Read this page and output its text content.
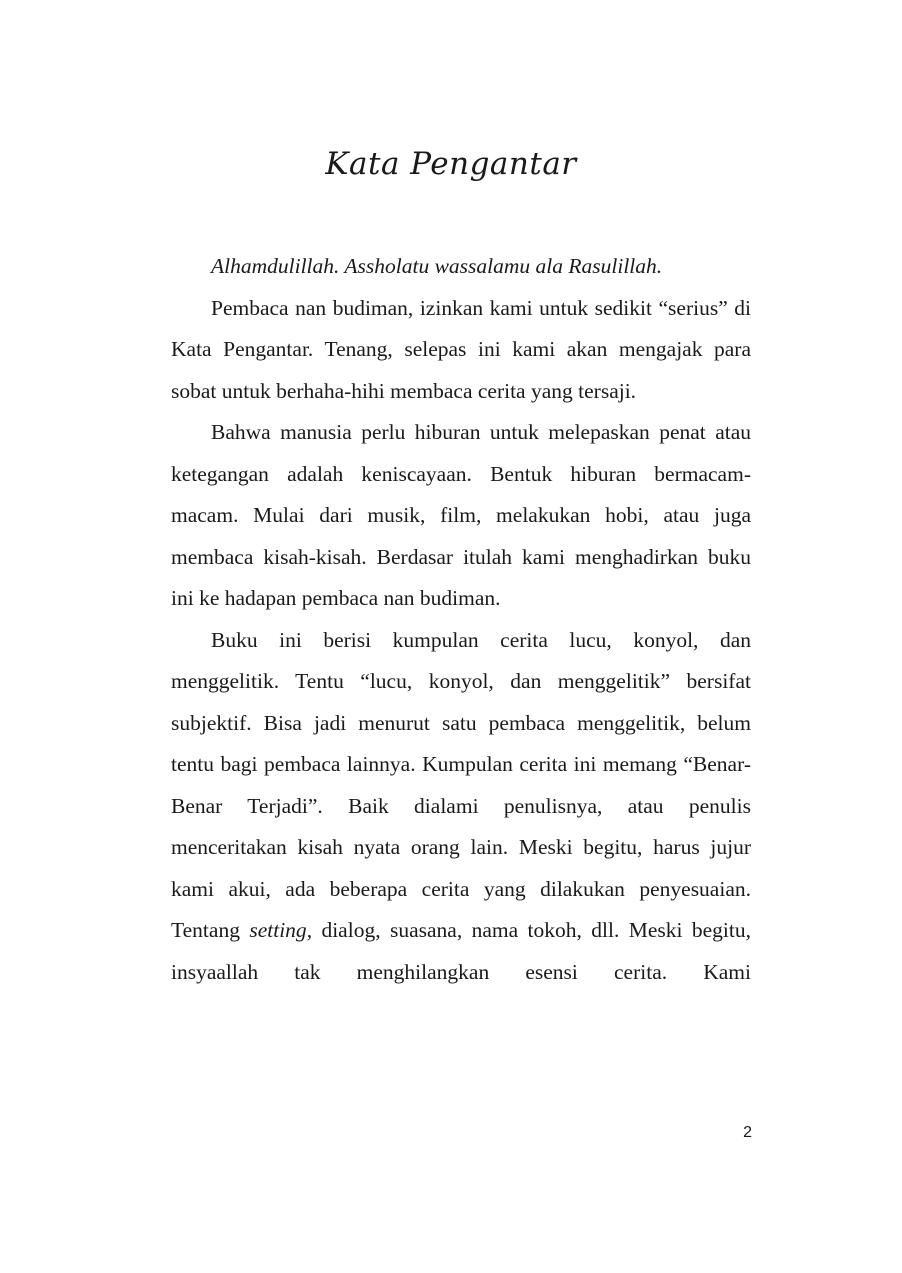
Kata Pengantar

Alhamdulillah. Assholatu wassalamu ala Rasulillah.

Pembaca nan budiman, izinkan kami untuk sedikit “serius” di Kata Pengantar. Tenang, selepas ini kami akan mengajak para sobat untuk berhaha-hihi membaca cerita yang tersaji.

Bahwa manusia perlu hiburan untuk melepaskan penat atau ketegangan adalah keniscayaan. Bentuk hiburan bermacam-macam. Mulai dari musik, film, melakukan hobi, atau juga membaca kisah-kisah. Berdasar itulah kami menghadirkan buku ini ke hadapan pembaca nan budiman.

Buku ini berisi kumpulan cerita lucu, konyol, dan menggelitik. Tentu “lucu, konyol, dan menggelitik” bersifat subjektif. Bisa jadi menurut satu pembaca menggelitik, belum tentu bagi pembaca lainnya. Kumpulan cerita ini memang “Benar-Benar Terjadi”. Baik dialami penulisnya, atau penulis menceritakan kisah nyata orang lain. Meski begitu, harus jujur kami akui, ada beberapa cerita yang dilakukan penyesuaian. Tentang setting, dialog, suasana, nama tokoh, dll. Meski begitu, insyaallah tak menghilangkan esensi cerita. Kami

2
